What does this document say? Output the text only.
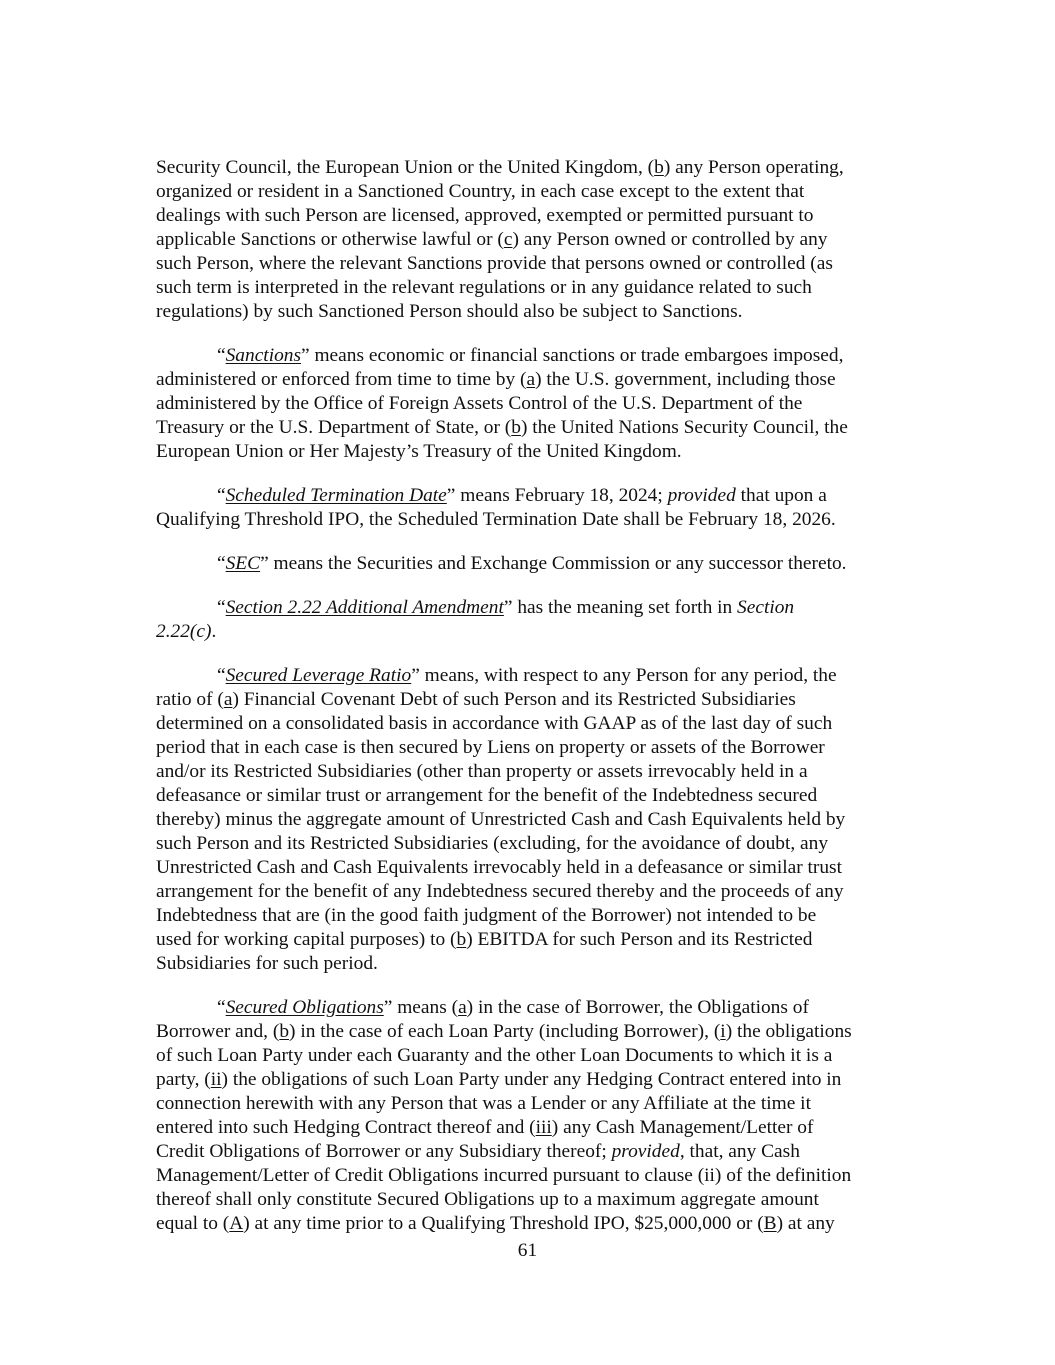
Security Council, the European Union or the United Kingdom, (b) any Person operating,
organized or resident in a Sanctioned Country, in each case except to the extent that
dealings with such Person are licensed, approved, exempted or permitted pursuant to
applicable Sanctions or otherwise lawful or (c) any Person owned or controlled by any
such Person, where the relevant Sanctions provide that persons owned or controlled (as
such term is interpreted in the relevant regulations or in any guidance related to such
regulations) by such Sanctioned Person should also be subject to Sanctions.

“Sanctions” means economic or financial sanctions or trade embargoes imposed,
administered or enforced from time to time by (a) the U.S. government, including those
administered by the Office of Foreign Assets Control of the U.S. Department of the
Treasury or the U.S. Department of State, or (b) the United Nations Security Council, the
European Union or Her Majesty’s Treasury of the United Kingdom.

“Scheduled Termination Date” means February 18, 2024; provided that upon a
Qualifying Threshold IPO, the Scheduled Termination Date shall be February 18, 2026.

“SEC” means the Securities and Exchange Commission or any successor thereto.

“Section 2.22 Additional Amendment” has the meaning set forth in Section
2.22(c).

“Secured Leverage Ratio” means, with respect to any Person for any period, the
ratio of (a) Financial Covenant Debt of such Person and its Restricted Subsidiaries
determined on a consolidated basis in accordance with GAAP as of the last day of such
period that in each case is then secured by Liens on property or assets of the Borrower
and/or its Restricted Subsidiaries (other than property or assets irrevocably held in a
defeasance or similar trust or arrangement for the benefit of the Indebtedness secured
thereby) minus the aggregate amount of Unrestricted Cash and Cash Equivalents held by
such Person and its Restricted Subsidiaries (excluding, for the avoidance of doubt, any
Unrestricted Cash and Cash Equivalents irrevocably held in a defeasance or similar trust
arrangement for the benefit of any Indebtedness secured thereby and the proceeds of any
Indebtedness that are (in the good faith judgment of the Borrower) not intended to be
used for working capital purposes) to (b) EBITDA for such Person and its Restricted
Subsidiaries for such period.

“Secured Obligations” means (a) in the case of Borrower, the Obligations of
Borrower and, (b) in the case of each Loan Party (including Borrower), (i) the obligations
of such Loan Party under each Guaranty and the other Loan Documents to which it is a
party, (ii) the obligations of such Loan Party under any Hedging Contract entered into in
connection herewith with any Person that was a Lender or any Affiliate at the time it
entered into such Hedging Contract thereof and (iii) any Cash Management/Letter of
Credit Obligations of Borrower or any Subsidiary thereof; provided, that, any Cash
Management/Letter of Credit Obligations incurred pursuant to clause (ii) of the definition
thereof shall only constitute Secured Obligations up to a maximum aggregate amount
equal to (A) at any time prior to a Qualifying Threshold IPO, $25,000,000 or (B) at any

61
